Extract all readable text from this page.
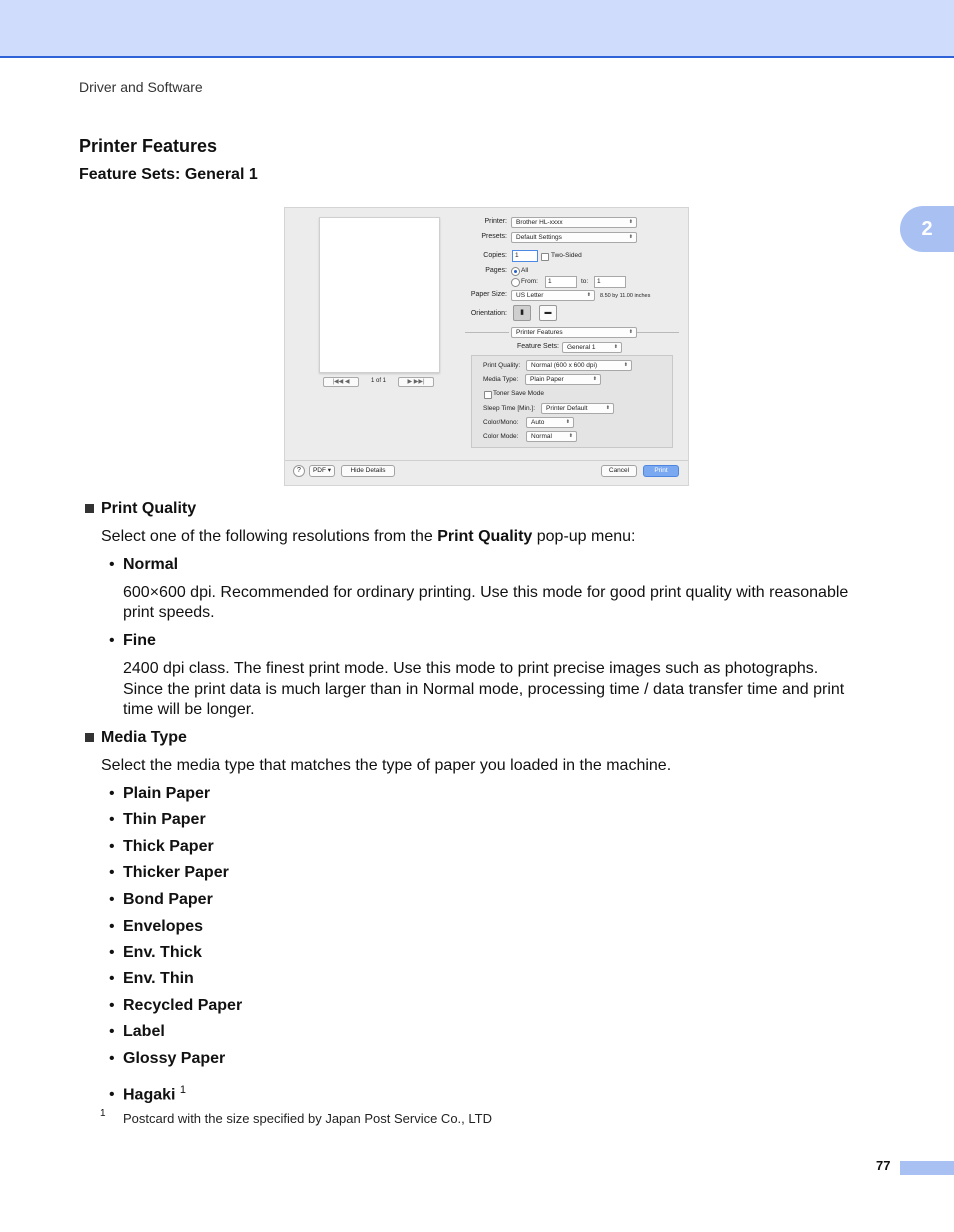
Driver and Software
2
Printer Features
Feature Sets: General 1
|◀◀ ◀	1 of 1	▶ ▶▶|
Printer:	Brother HL-xxxx	⬍
Presets:	Default Settings	⬍
Copies:	1	Two-Sided
Pages: All
From:	1	to:	1
Paper Size:	US Letter	⬍ 8.50 by 11.00 inches
Orientation:	▮	▬
Printer Features	⬍
Feature Sets:	General 1	⬍
Print Quality:	Normal (600 x 600 dpi)	⬍
Media Type:	Plain Paper	⬍
Toner Save Mode
Sleep Time [Min.]:	Printer Default	⬍
Color/Mono:	Auto	⬍
Color Mode:	Normal	⬍
?	PDF ▾	Hide Details	Cancel	Print
Print Quality
Select one of the following resolutions from the Print Quality pop-up menu:
• Normal
600×600 dpi. Recommended for ordinary printing. Use this mode for good print quality with reasonable
print speeds.
• Fine
2400 dpi class. The finest print mode. Use this mode to print precise images such as photographs.
Since the print data is much larger than in Normal mode, processing time / data transfer time and print
time will be longer.
Media Type
Select the media type that matches the type of paper you loaded in the machine.
• Plain Paper
• Thin Paper
• Thick Paper
• Thicker Paper
• Bond Paper
• Envelopes
• Env. Thick
• Env. Thin
• Recycled Paper
• Label
• Glossy Paper
• Hagaki $^1$
1 Postcard with the size specified by Japan Post Service Co., LTD
77
